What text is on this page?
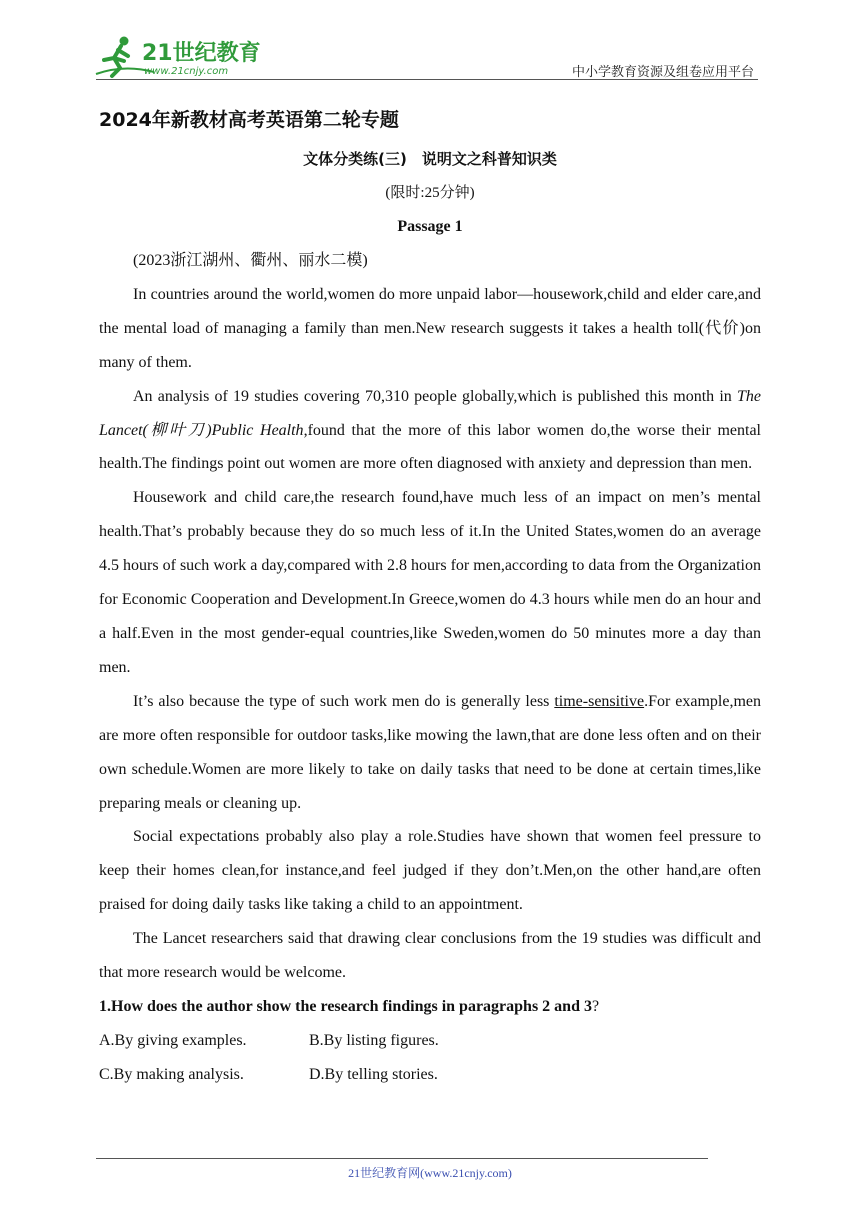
21世纪教育
www.21cnjy.com	中小学教育资源及组卷应用平台
2024年新教材高考英语第二轮专题
文体分类练(三)　说明文之科普知识类
(限时:25分钟)
Passage 1

(2023浙江湖州、衢州、丽水二模)

In countries around the world,women do more unpaid labor—housework,child and elder care,and the mental load of managing a family than men.New research suggests it takes a health toll(代价)on many of them.

An analysis of 19 studies covering 70,310 people globally,which is published this month in The Lancet(柳叶刀)Public Health,found that the more of this labor women do,the worse their mental health.The findings point out women are more often diagnosed with anxiety and depression than men.

Housework and child care,the research found,have much less of an impact on men’s mental health.That’s probably because they do so much less of it.In the United States,women do an average 4.5 hours of such work a day,compared with 2.8 hours for men,according to data from the Organization for Economic Cooperation and Development.In Greece,women do 4.3 hours while men do an hour and a half.Even in the most gender-equal countries,like Sweden,women do 50 minutes more a day than men.

It’s also because the type of such work men do is generally less time-sensitive.For example,men are more often responsible for outdoor tasks,like mowing the lawn,that are done less often and on their own schedule.Women are more likely to take on daily tasks that need to be done at certain times,like preparing meals or cleaning up.

Social expectations probably also play a role.Studies have shown that women feel pressure to keep their homes clean,for instance,and feel judged if they don’t.Men,on the other hand,are often praised for doing daily tasks like taking a child to an appointment.

The Lancet researchers said that drawing clear conclusions from the 19 studies was difficult and that more research would be welcome.

1.How does the author show the research findings in paragraphs 2 and 3?

A.By giving examples.	B.By listing figures.
C.By making analysis.	D.By telling stories.
21世纪教育网(www.21cnjy.com)
